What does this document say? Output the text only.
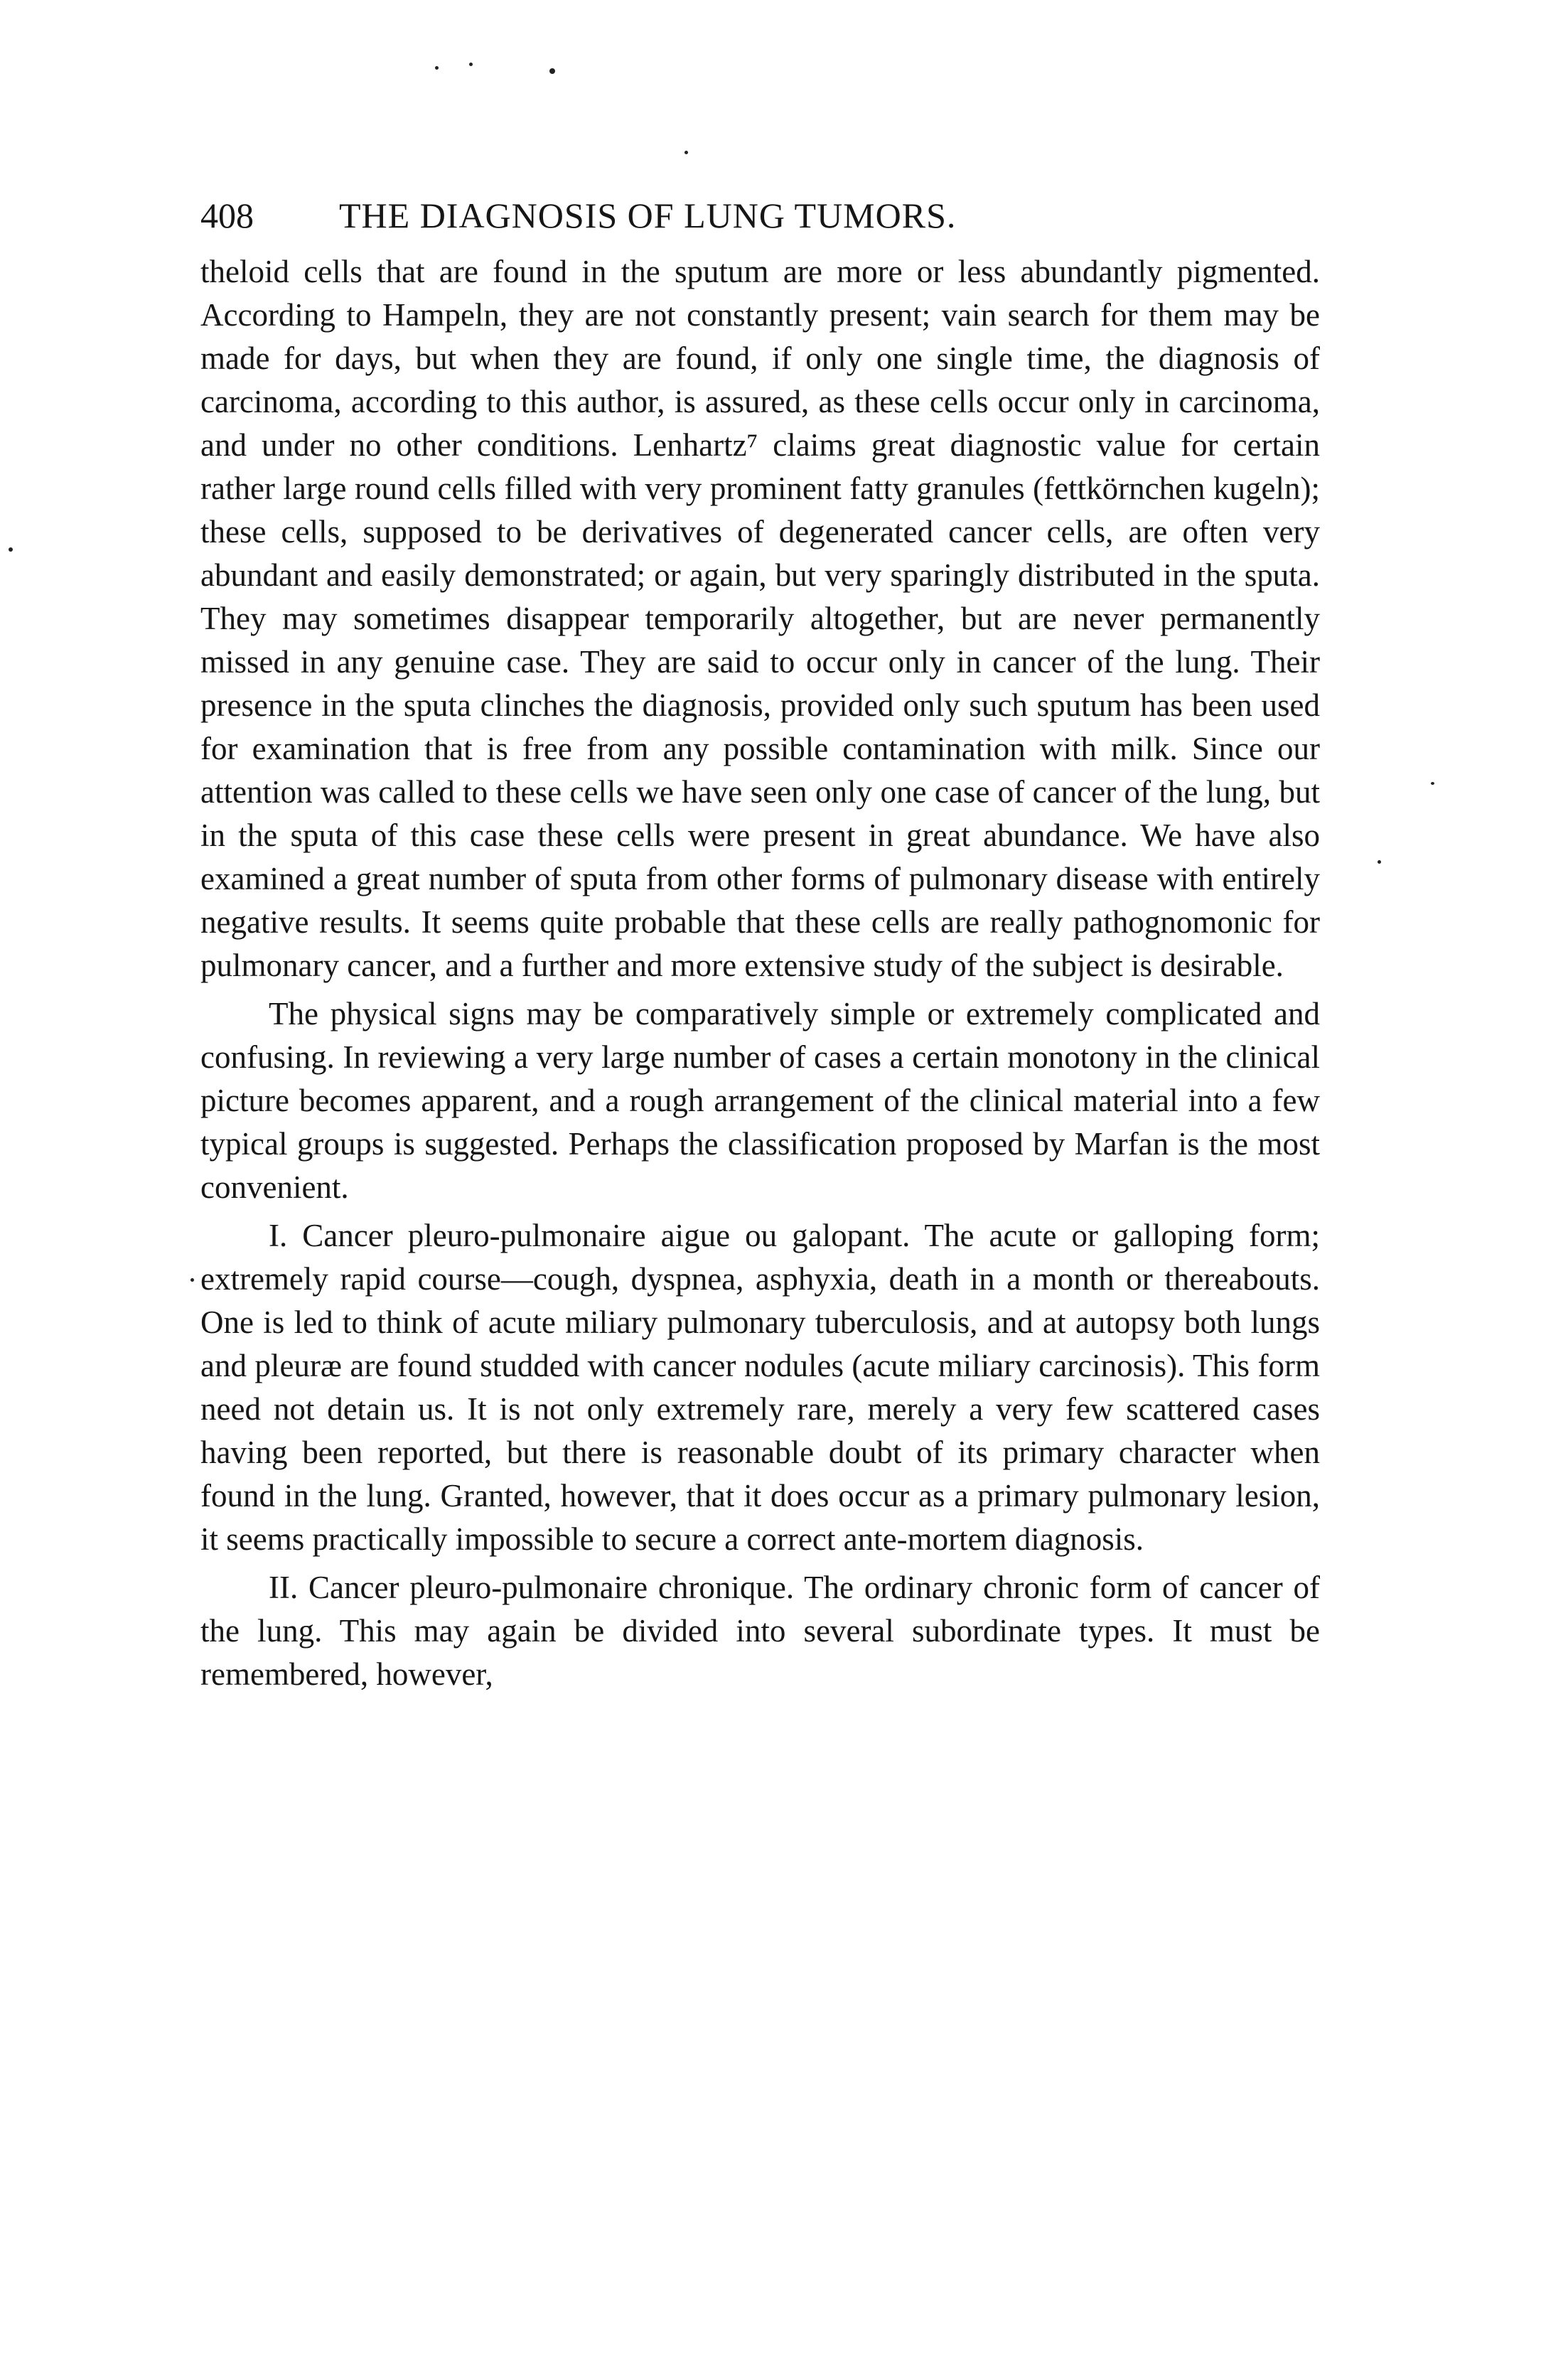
408 THE DIAGNOSIS OF LUNG TUMORS.

theloid cells that are found in the sputum are more or less abundantly pigmented. According to Hampeln, they are not constantly present; vain search for them may be made for days, but when they are found, if only one single time, the diagnosis of carcinoma, according to this author, is assured, as these cells occur only in carcinoma, and under no other conditions. Lenhartz⁷ claims great diagnostic value for certain rather large round cells filled with very prominent fatty granules (fettkörnchen kugeln); these cells, supposed to be derivatives of degenerated cancer cells, are often very abundant and easily demonstrated; or again, but very sparingly distributed in the sputa. They may sometimes disappear temporarily altogether, but are never permanently missed in any genuine case. They are said to occur only in cancer of the lung. Their presence in the sputa clinches the diagnosis, provided only such sputum has been used for examination that is free from any possible contamination with milk. Since our attention was called to these cells we have seen only one case of cancer of the lung, but in the sputa of this case these cells were present in great abundance. We have also examined a great number of sputa from other forms of pulmonary disease with entirely negative results. It seems quite probable that these cells are really pathognomonic for pulmonary cancer, and a further and more extensive study of the subject is desirable.

The physical signs may be comparatively simple or extremely complicated and confusing. In reviewing a very large number of cases a certain monotony in the clinical picture becomes apparent, and a rough arrangement of the clinical material into a few typical groups is suggested. Perhaps the classification proposed by Marfan is the most convenient.

I. Cancer pleuro-pulmonaire aigue ou galopant. The acute or galloping form; extremely rapid course—cough, dyspnea, asphyxia, death in a month or thereabouts. One is led to think of acute miliary pulmonary tuberculosis, and at autopsy both lungs and pleuræ are found studded with cancer nodules (acute miliary carcinosis). This form need not detain us. It is not only extremely rare, merely a very few scattered cases having been reported, but there is reasonable doubt of its primary character when found in the lung. Granted, however, that it does occur as a primary pulmonary lesion, it seems practically impossible to secure a correct ante-mortem diagnosis.

II. Cancer pleuro-pulmonaire chronique. The ordinary chronic form of cancer of the lung. This may again be divided into several subordinate types. It must be remembered, however,
